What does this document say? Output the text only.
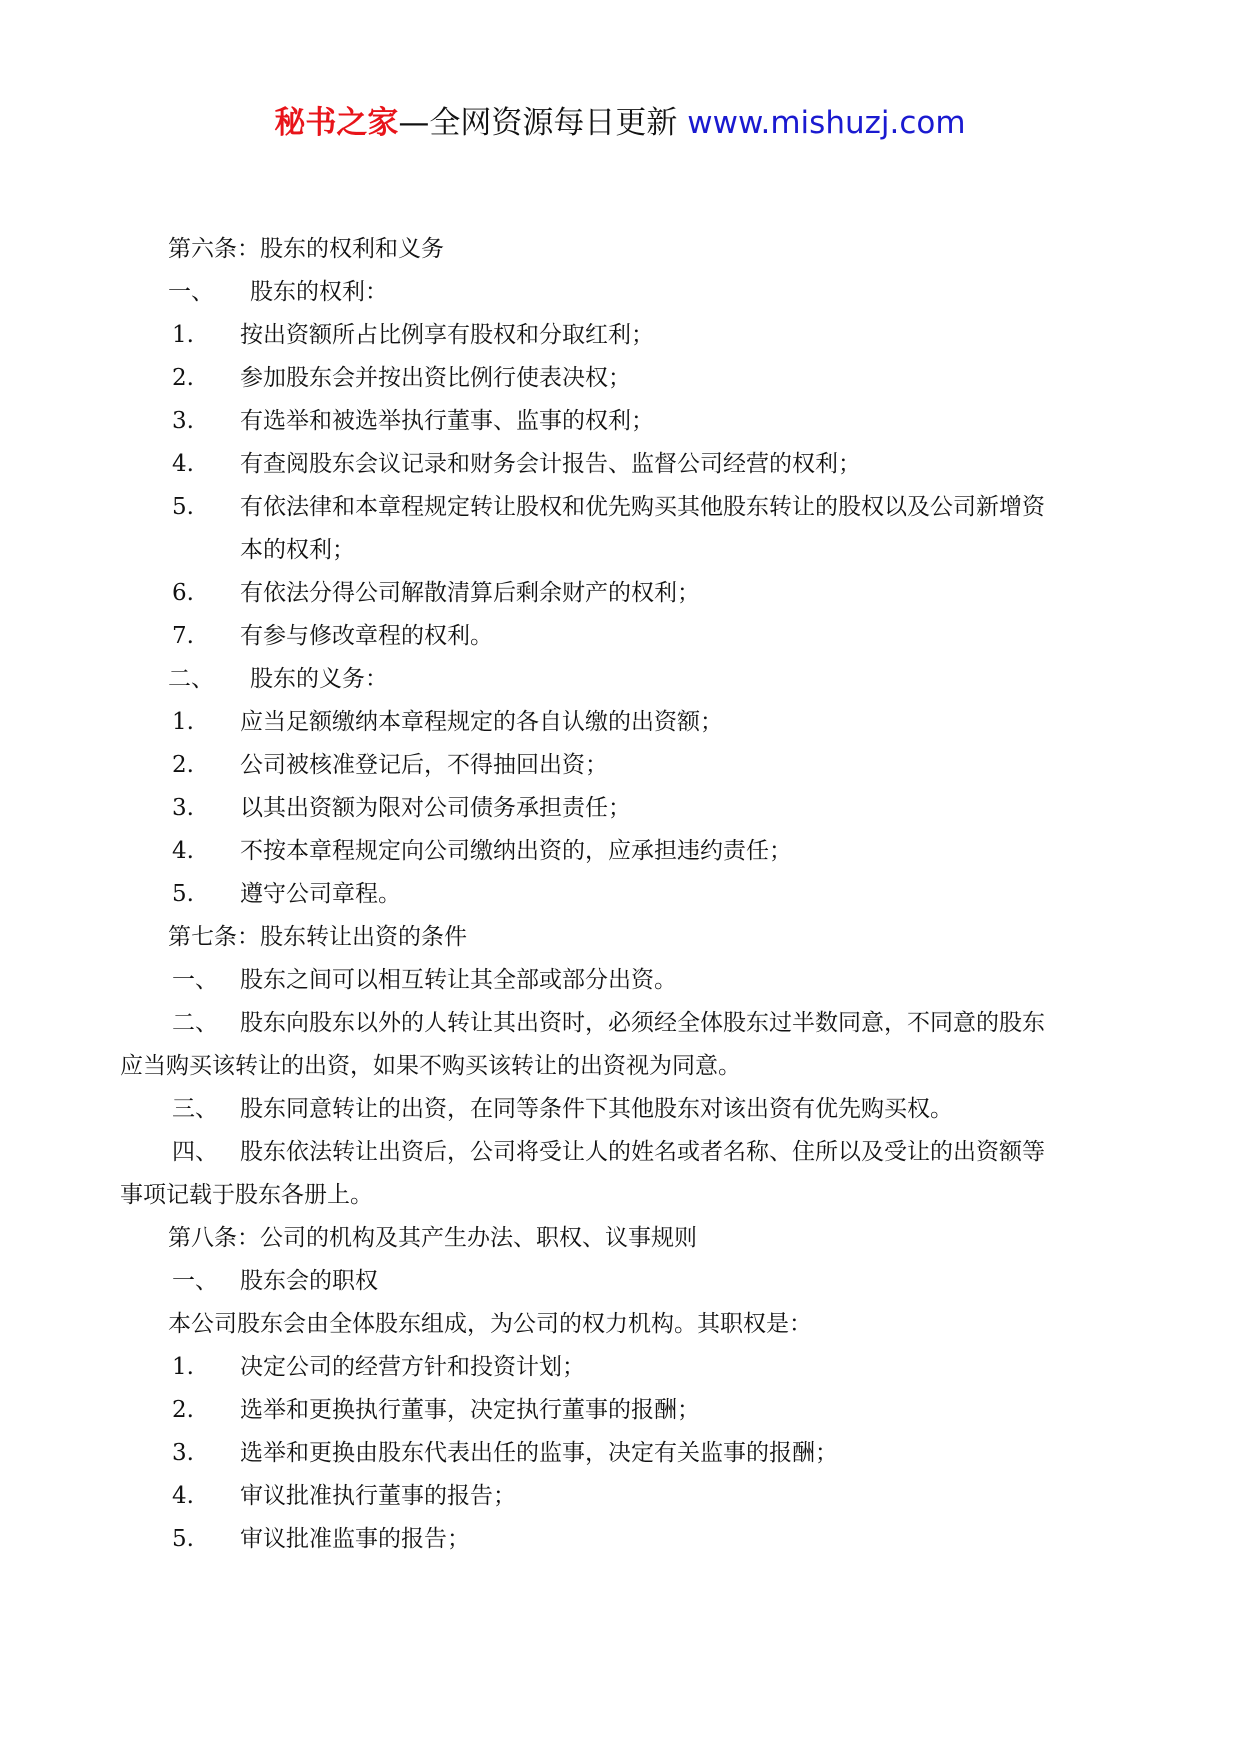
秘书之家—全网资源每日更新 www.mishuzj.com
第六条：股东的权利和义务
一、 股东的权利：
1. 按出资额所占比例享有股权和分取红利；
2. 参加股东会并按出资比例行使表决权；
3. 有选举和被选举执行董事、监事的权利；
4. 有查阅股东会议记录和财务会计报告、监督公司经营的权利；
5. 有依法律和本章程规定转让股权和优先购买其他股东转让的股权以及公司新增资
本的权利；
6. 有依法分得公司解散清算后剩余财产的权利；
7. 有参与修改章程的权利。
二、 股东的义务：
1. 应当足额缴纳本章程规定的各自认缴的出资额；
2. 公司被核准登记后，不得抽回出资；
3. 以其出资额为限对公司债务承担责任；
4. 不按本章程规定向公司缴纳出资的，应承担违约责任；
5. 遵守公司章程。
第七条：股东转让出资的条件
一、 股东之间可以相互转让其全部或部分出资。
二、 股东向股东以外的人转让其出资时，必须经全体股东过半数同意，不同意的股东
应当购买该转让的出资，如果不购买该转让的出资视为同意。
三、 股东同意转让的出资，在同等条件下其他股东对该出资有优先购买权。
四、 股东依法转让出资后，公司将受让人的姓名或者名称、住所以及受让的出资额等
事项记载于股东各册上。
第八条：公司的机构及其产生办法、职权、议事规则
一、 股东会的职权
本公司股东会由全体股东组成，为公司的权力机构。其职权是：
1. 决定公司的经营方针和投资计划；
2. 选举和更换执行董事，决定执行董事的报酬；
3. 选举和更换由股东代表出任的监事，决定有关监事的报酬；
4. 审议批准执行董事的报告；
5. 审议批准监事的报告；
